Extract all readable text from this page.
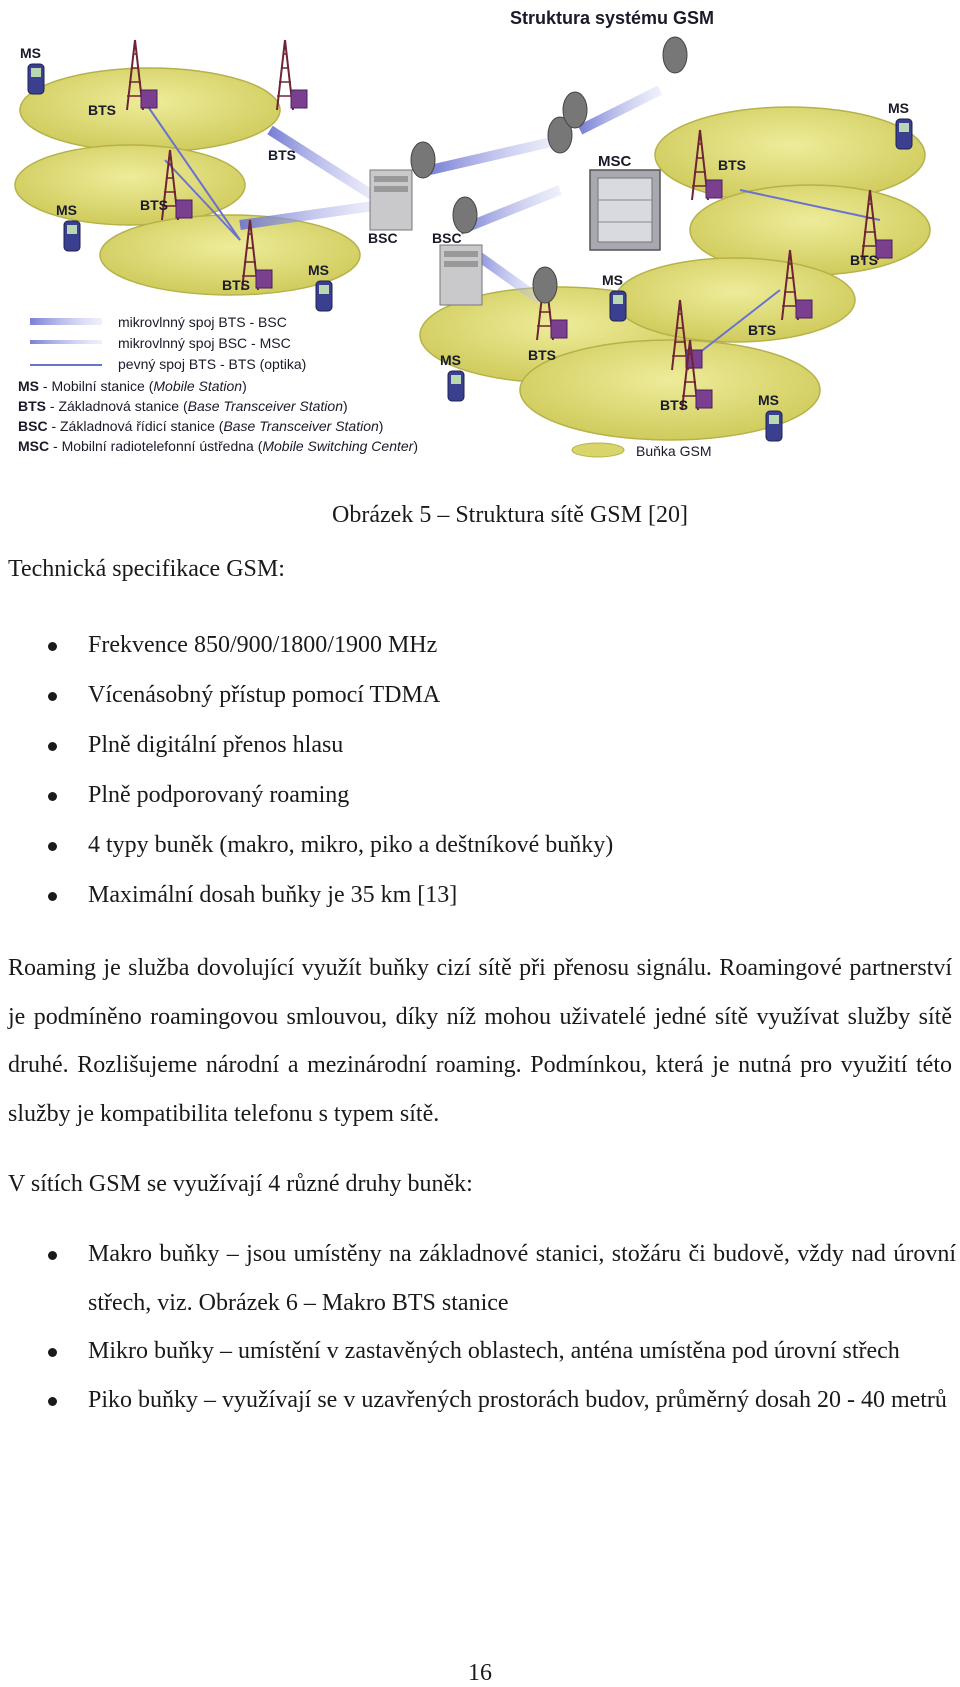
Struktura systému GSM
BSC BSC
MSC
BTS
BTS
BTS
BTS
BTS
BTS
BTS
BTS
BTS
MS
MS
MS
MS
MS
MS
MS
mikrovlnný spoj BTS - BSC
mikrovlnný spoj BSC - MSC
pevný spoj BTS - BTS (optika)
MS - Mobilní stanice (Mobile Station)
BTS - Základnová stanice (Base Transceiver Station)
BSC - Základnová řídicí stanice (Base Transceiver Station)
MSC - Mobilní radiotelefonní ústředna (Mobile Switching Center)	Buňka GSM
Obrázek 5 – Struktura sítě GSM [20]
Technická specifikace GSM:
Frekvence 850/900/1800/1900 MHz
Vícenásobný přístup pomocí TDMA
Plně digitální přenos hlasu
Plně podporovaný roaming
4 typy buněk (makro, mikro, piko a deštníkové buňky)
Maximální dosah buňky je 35 km [13]

Roaming je služba dovolující využít buňky cizí sítě při přenosu signálu. Roamingové partnerství je podmíněno roamingovou smlouvou, díky níž mohou uživatelé jedné sítě využívat služby sítě druhé. Rozlišujeme národní a mezinárodní roaming. Podmínkou, která je nutná pro využití této služby je kompatibilita telefonu s typem sítě.

V sítích GSM se využívají 4 různé druhy buněk:

Makro buňky – jsou umístěny na základnové stanici, stožáru či budově, vždy nad úrovní střech, viz. Obrázek 6 – Makro BTS stanice
Mikro buňky – umístění v zastavěných oblastech, anténa umístěna pod úrovní střech
Piko buňky – využívají se v uzavřených prostorách budov, průměrný dosah 20 - 40 metrů
16
